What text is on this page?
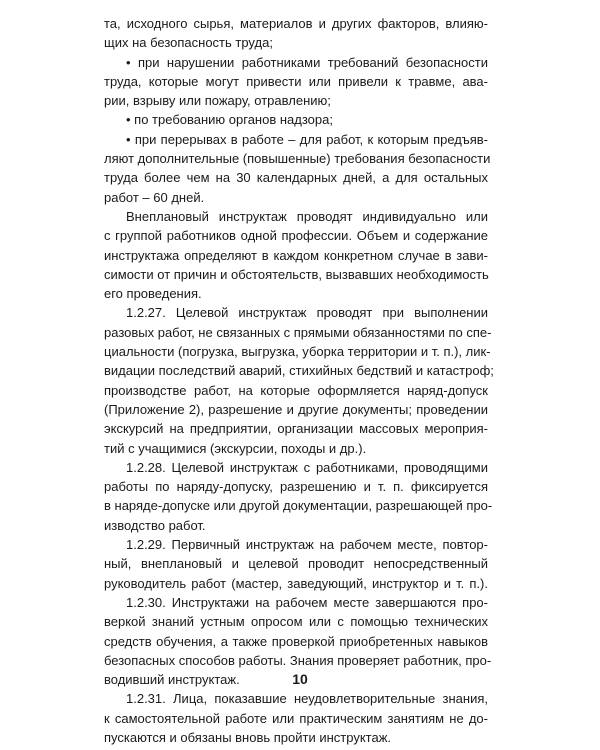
та, исходного сырья, материалов и других факторов, влияю-
щих на безопасность труда;
• при нарушении работниками требований безопасности
труда, которые могут привести или привели к травме, ава-
рии, взрыву или пожару, отравлению;
• по требованию органов надзора;
• при перерывах в работе – для работ, к которым предъяв-
ляют дополнительные (повышенные) требования безопасности
труда более чем на 30 календарных дней, а для остальных
работ – 60 дней.
Внеплановый инструктаж проводят индивидуально или
с группой работников одной профессии. Объем и содержание
инструктажа определяют в каждом конкретном случае в зави-
симости от причин и обстоятельств, вызвавших необходимость
его проведения.
1.2.27. Целевой инструктаж проводят при выполнении
разовых работ, не связанных с прямыми обязанностями по спе-
циальности (погрузка, выгрузка, уборка территории и т. п.), лик-
видации последствий аварий, стихийных бедствий и катастроф;
производстве работ, на которые оформляется наряд-допуск
(Приложение 2), разрешение и другие документы; проведении
экскурсий на предприятии, организации массовых мероприя-
тий с учащимися (экскурсии, походы и др.).
1.2.28. Целевой инструктаж с работниками, проводящими
работы по наряду-допуску, разрешению и т. п. фиксируется
в наряде-допуске или другой документации, разрешающей про-
изводство работ.
1.2.29. Первичный инструктаж на рабочем месте, повтор-
ный, внеплановый и целевой проводит непосредственный
руководитель работ (мастер, заведующий, инструктор и т. п.).
1.2.30. Инструктажи на рабочем месте завершаются про-
веркой знаний устным опросом или с помощью технических
средств обучения, а также проверкой приобретенных навыков
безопасных способов работы. Знания проверяет работник, про-
водивший инструктаж.
1.2.31. Лица, показавшие неудовлетворительные знания,
к самостоятельной работе или практическим занятиям не до-
пускаются и обязаны вновь пройти инструктаж.
10
